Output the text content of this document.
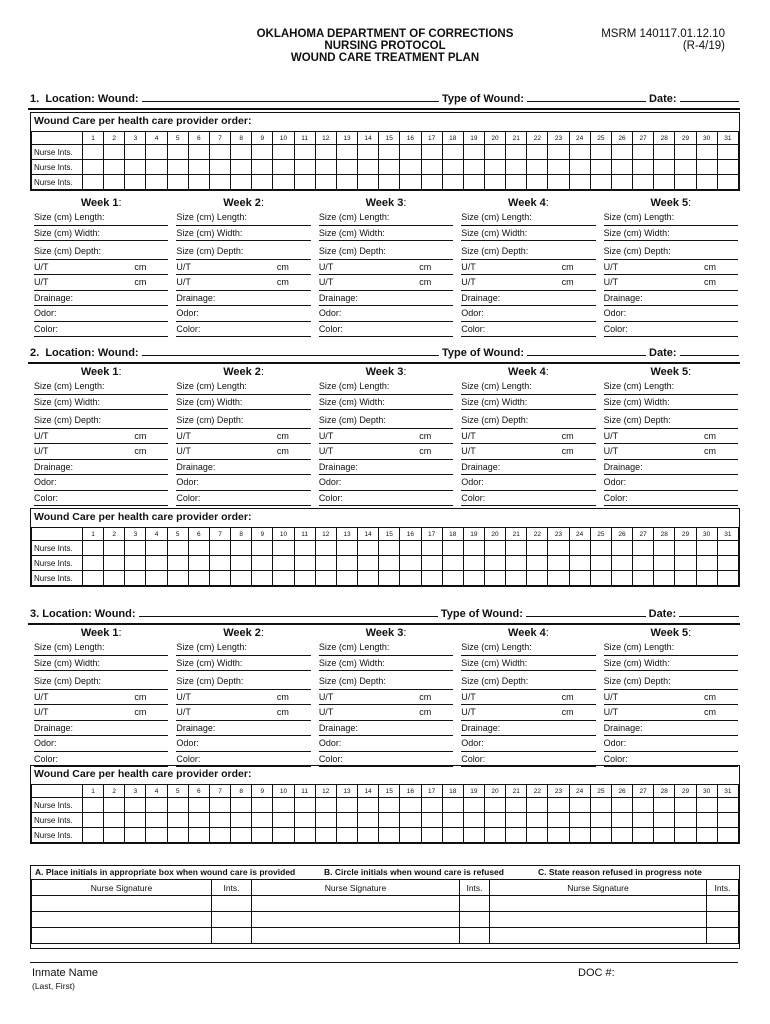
OKLAHOMA DEPARTMENT OF CORRECTIONS
NURSING PROTOCOL
WOUND CARE TREATMENT PLAN
MSRM 140117.01.12.10
(R-4/19)
1.
Location: Wound:	Type of Wound:	Date:
2.
Location: Wound:	Type of Wound:	Date:
3.
Location: Wound:	Type of Wound:	Date:
Wound Care per health care provider order:
	1	2	3	4	5	6	7	8	9	10	11	12	13	14	15	16	17	18	19	20	21	22	23	24	25	26	27	28	29	30	31
Nurse Ints.																															
Nurse Ints.																															
Nurse Ints.																															
Wound Care per health care provider order:
	1	2	3	4	5	6	7	8	9	10	11	12	13	14	15	16	17	18	19	20	21	22	23	24	25	26	27	28	29	30	31
Nurse Ints.																															
Nurse Ints.																															
Nurse Ints.																															
Wound Care per health care provider order:
	1	2	3	4	5	6	7	8	9	10	11	12	13	14	15	16	17	18	19	20	21	22	23	24	25	26	27	28	29	30	31
Nurse Ints.																															
Nurse Ints.																															
Nurse Ints.																															
Week 1:
Size (cm) Length:
Size (cm) Width:
Size (cm) Depth:
U/T	cm
U/T	cm
Drainage:
Odor:
Color:
Week 2:
Size (cm) Length:
Size (cm) Width:
Size (cm) Depth:
U/T	cm
U/T	cm
Drainage:
Odor:
Color:
Week 3:
Size (cm) Length:
Size (cm) Width:
Size (cm) Depth:
U/T	cm
U/T	cm
Drainage:
Odor:
Color:
Week 4:
Size (cm) Length:
Size (cm) Width:
Size (cm) Depth:
U/T	cm
U/T	cm
Drainage:
Odor:
Color:
Week 5:
Size (cm) Length:
Size (cm) Width:
Size (cm) Depth:
U/T	cm
U/T	cm
Drainage:
Odor:
Color:
Week 1:
Size (cm) Length:
Size (cm) Width:
Size (cm) Depth:
U/T	cm
U/T	cm
Drainage:
Odor:
Color:
Week 2:
Size (cm) Length:
Size (cm) Width:
Size (cm) Depth:
U/T	cm
U/T	cm
Drainage:
Odor:
Color:
Week 3:
Size (cm) Length:
Size (cm) Width:
Size (cm) Depth:
U/T	cm
U/T	cm
Drainage:
Odor:
Color:
Week 4:
Size (cm) Length:
Size (cm) Width:
Size (cm) Depth:
U/T	cm
U/T	cm
Drainage:
Odor:
Color:
Week 5:
Size (cm) Length:
Size (cm) Width:
Size (cm) Depth:
U/T	cm
U/T	cm
Drainage:
Odor:
Color:
Week 1:
Size (cm) Length:
Size (cm) Width:
Size (cm) Depth:
U/T	cm
U/T	cm
Drainage:
Odor:
Color:
Week 2:
Size (cm) Length:
Size (cm) Width:
Size (cm) Depth:
U/T	cm
U/T	cm
Drainage:
Odor:
Color:
Week 3:
Size (cm) Length:
Size (cm) Width:
Size (cm) Depth:
U/T	cm
U/T	cm
Drainage:
Odor:
Color:
Week 4:
Size (cm) Length:
Size (cm) Width:
Size (cm) Depth:
U/T	cm
U/T	cm
Drainage:
Odor:
Color:
Week 5:
Size (cm) Length:
Size (cm) Width:
Size (cm) Depth:
U/T	cm
U/T	cm
Drainage:
Odor:
Color:
A. Place initials in appropriate box when wound care is provided	B. Circle initials when wound care is refused	C. State reason refused in progress note
Nurse Signature	Ints.	Nurse Signature	Ints.	Nurse Signature	Ints.

Inmate Name
(Last, First)
DOC #:
